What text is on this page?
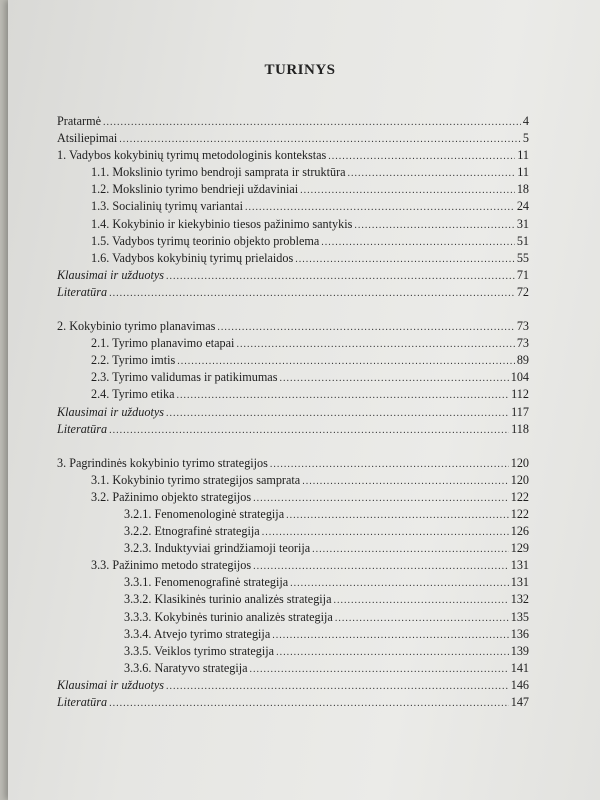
TURINYS
Pratarmė .....	4
Atsiliepimai .....	5
1. Vadybos kokybinių tyrimų metodologinis kontekstas .....	11
1.1. Mokslinio tyrimo bendroji samprata ir struktūra .....	11
1.2. Mokslinio tyrimo bendrieji uždaviniai .....	18
1.3. Socialinių tyrimų variantai .....	24
1.4. Kokybinio ir kiekybinio tiesos pažinimo santykis .....	31
1.5. Vadybos tyrimų teorinio objekto problema .....	51
1.6. Vadybos kokybinių tyrimų prielaidos .....	55
Klausimai ir užduotys .....	71
Literatūra .....	72
2. Kokybinio tyrimo planavimas .....	73
2.1. Tyrimo planavimo etapai .....	73
2.2. Tyrimo imtis .....	89
2.3. Tyrimo validumas ir patikimumas .....	104
2.4. Tyrimo etika .....	112
Klausimai ir užduotys .....	117
Literatūra .....	118
3. Pagrindinės kokybinio tyrimo strategijos .....	120
3.1. Kokybinio tyrimo strategijos samprata .....	120
3.2. Pažinimo objekto strategijos .....	122
3.2.1. Fenomenologinė strategija .....	122
3.2.2. Etnografinė strategija .....	126
3.2.3. Induktyviai grindžiamoji teorija .....	129
3.3. Pažinimo metodo strategijos .....	131
3.3.1. Fenomenografinė strategija .....	131
3.3.2. Klasikinės turinio analizės strategija .....	132
3.3.3. Kokybinės turinio analizės strategija .....	135
3.3.4. Atvejo tyrimo strategija .....	136
3.3.5. Veiklos tyrimo strategija .....	139
3.3.6. Naratyvo strategija .....	141
Klausimai ir užduotys .....	146
Literatūra .....	147
